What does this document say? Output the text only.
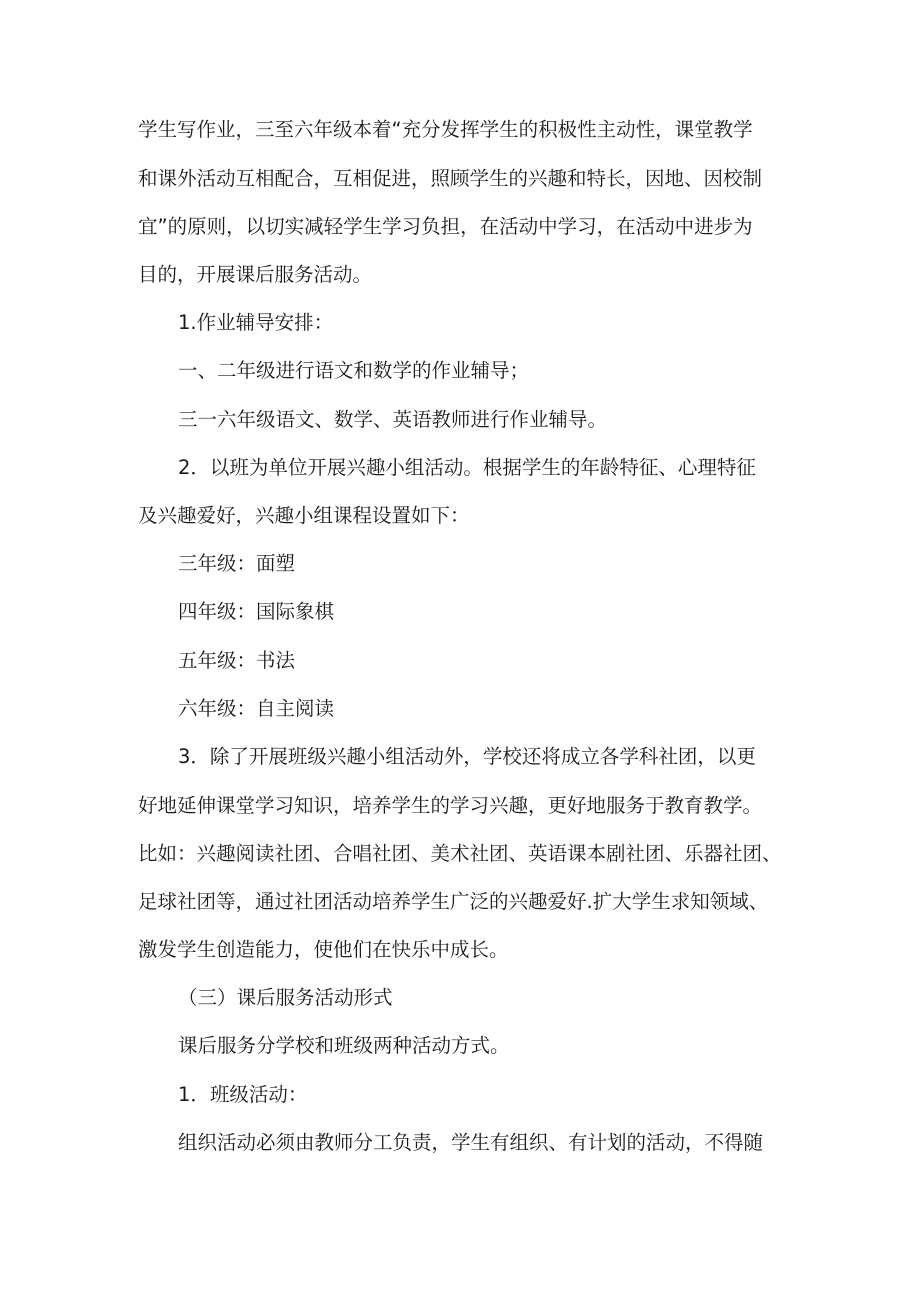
学生写作业，三至六年级本着“充分发挥学生的积极性主动性，课堂教学
和课外活动互相配合，互相促进，照顾学生的兴趣和特长，因地、因校制
宜”的原则，以切实减轻学生学习负担，在活动中学习，在活动中进步为
目的，开展课后服务活动。
1.作业辅导安排：
一、二年级进行语文和数学的作业辅导；
三一六年级语文、数学、英语教师进行作业辅导。
2．以班为单位开展兴趣小组活动。根据学生的年龄特征、心理特征
及兴趣爱好，兴趣小组课程设置如下：
三年级：面塑
四年级：国际象棋
五年级：书法
六年级：自主阅读
3．除了开展班级兴趣小组活动外，学校还将成立各学科社团，以更
好地延伸课堂学习知识，培养学生的学习兴趣，更好地服务于教育教学。
比如：兴趣阅读社团、合唱社团、美术社团、英语课本剧社团、乐器社团、
足球社团等，通过社团活动培养学生广泛的兴趣爱好.扩大学生求知领域、
激发学生创造能力，使他们在快乐中成长。
（三）课后服务活动形式
课后服务分学校和班级两种活动方式。
1．班级活动：
组织活动必须由教师分工负责，学生有组织、有计划的活动，不得随
